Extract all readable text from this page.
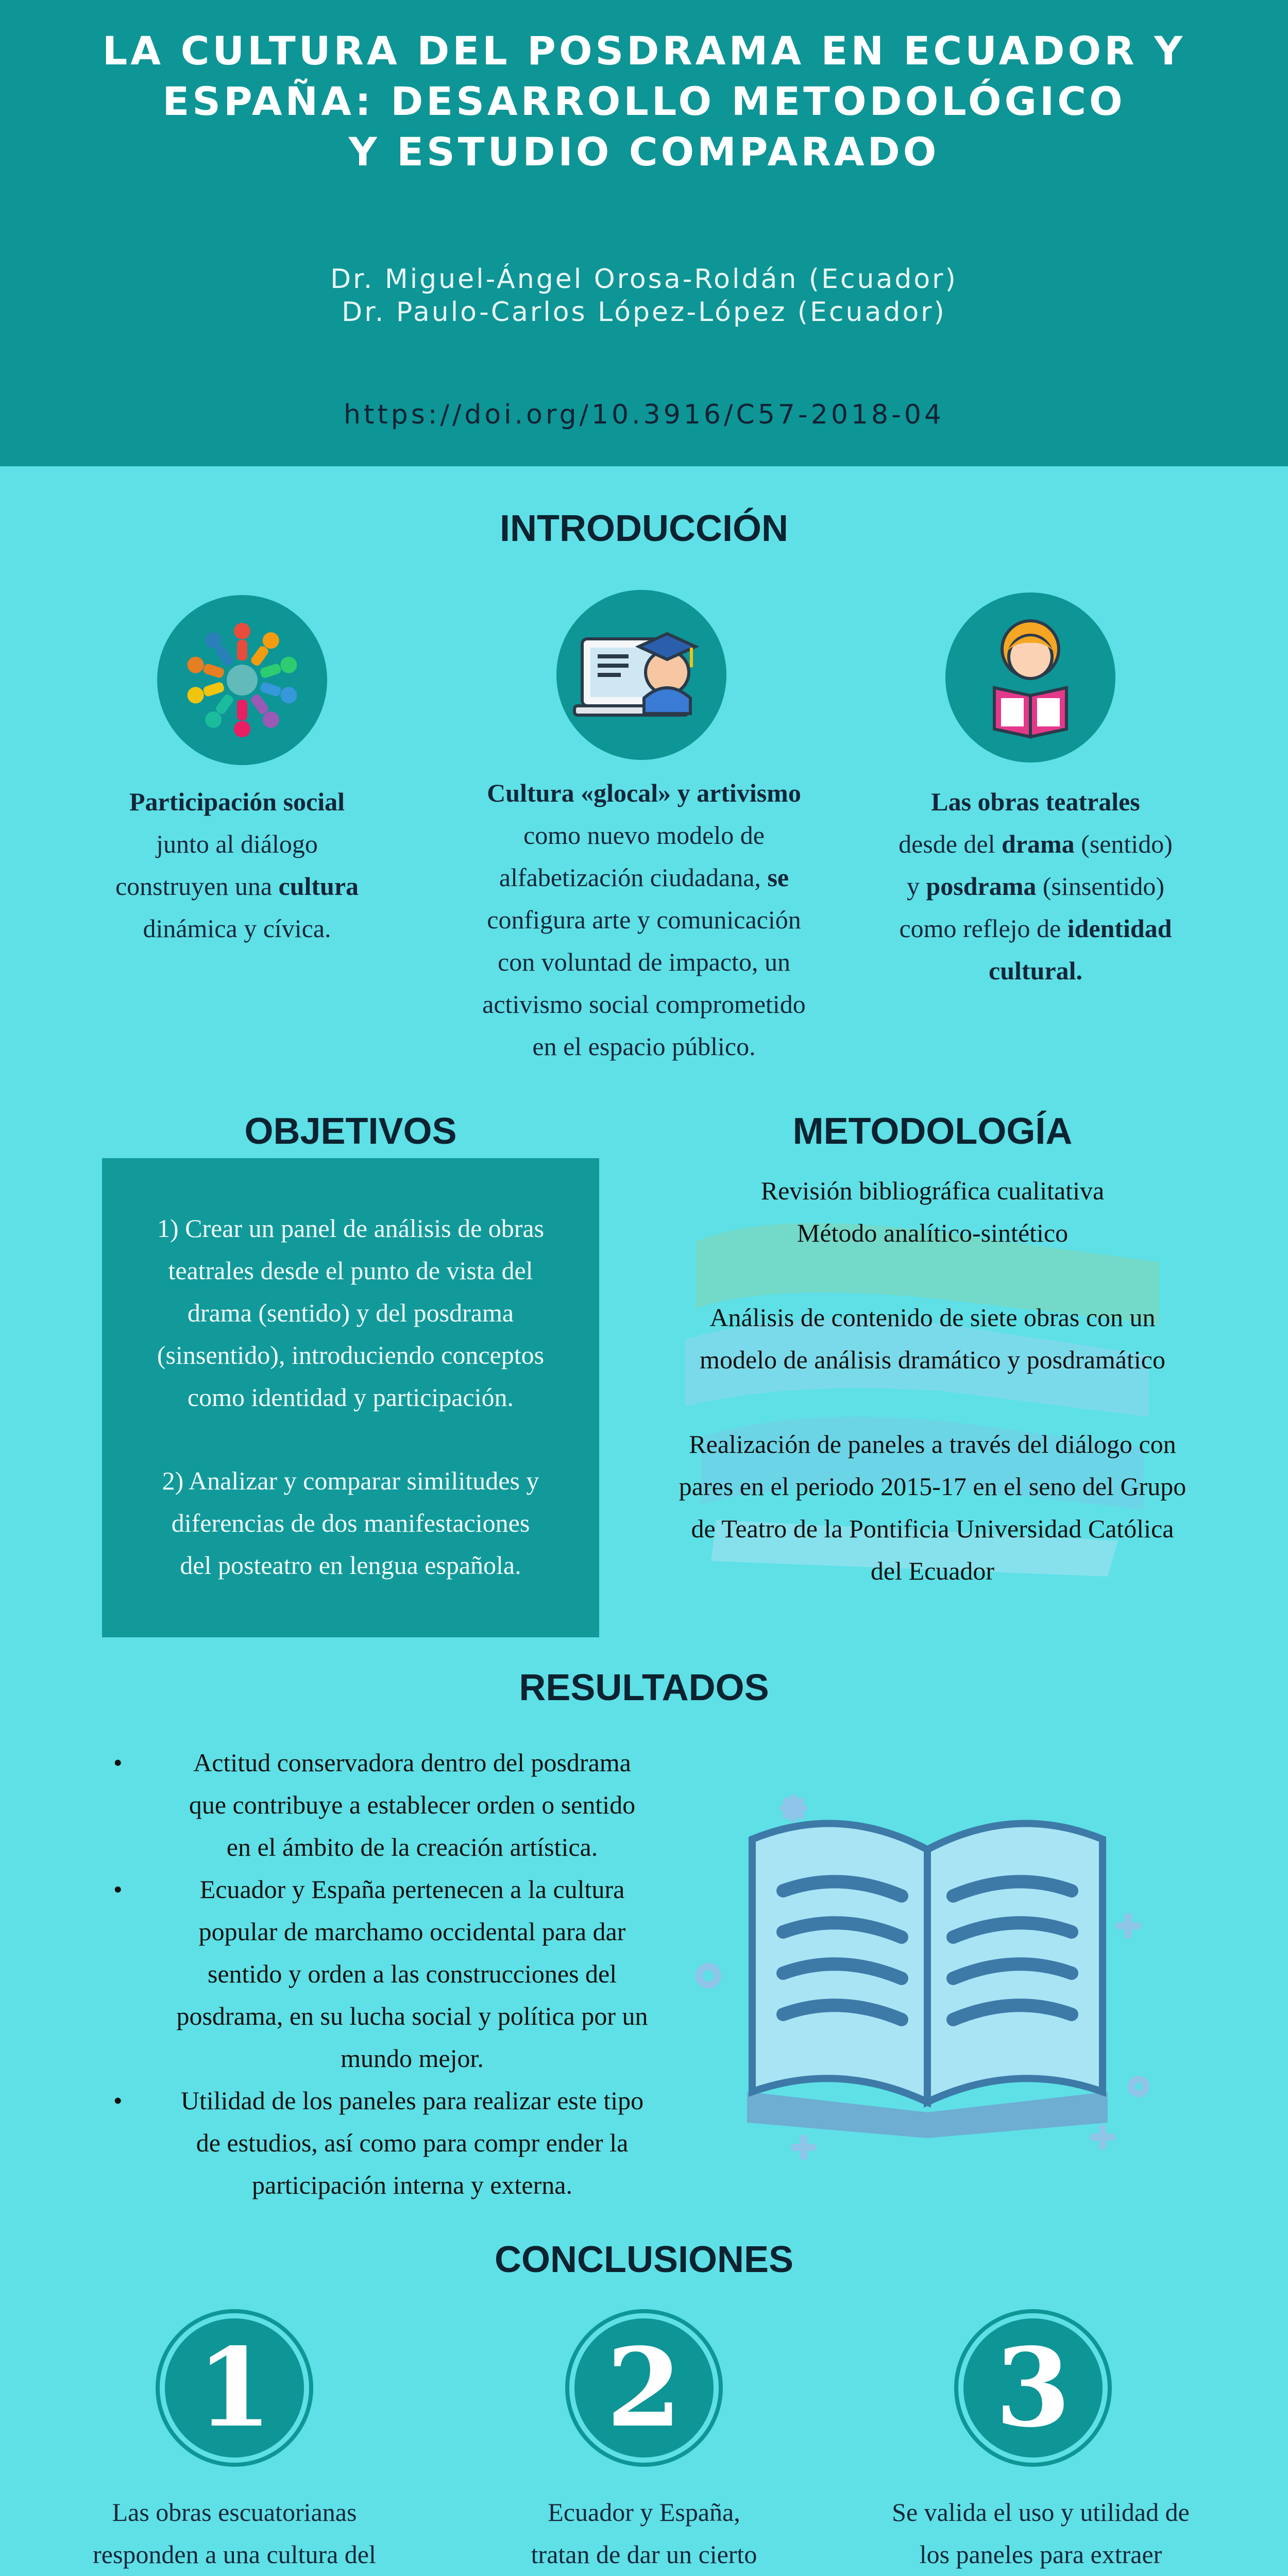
LA CULTURA DEL POSDRAMA EN ECUADOR Y
ESPAÑA: DESARROLLO METODOLÓGICO
Y ESTUDIO COMPARADO
Dr. Miguel-Ángel Orosa-Roldán (Ecuador)
Dr. Paulo-Carlos López-López (Ecuador)
https://doi.org/10.3916/C57-2018-04
INTRODUCCIÓN
Participación social
junto al diálogo
construyen una cultura
dinámica y cívica.
Cultura «glocal» y artivismo
como nuevo modelo de
alfabetización ciudadana, se
configura arte y comunicación
con voluntad de impacto, un
activismo social comprometido
en el espacio público.
Las obras teatrales
desde del drama (sentido)
y posdrama (sinsentido)
como reflejo de identidad
cultural.
OBJETIVOS

1) Crear un panel de análisis de obras
teatrales desde el punto de vista del
drama (sentido) y del posdrama
(sinsentido), introduciendo conceptos
como identidad y participación.

2) Analizar y comparar similitudes y
diferencias de dos manifestaciones
del posteatro en lengua española.

METODOLOGÍA
Revisión bibliográfica cualitativa
Método analítico-sintético
Análisis de contenido de siete obras con un
modelo de análisis dramático y posdramático
Realización de paneles a través del diálogo con
pares en el periodo 2015-17 en el seno del Grupo
de Teatro de la Pontificia Universidad Católica
del Ecuador
RESULTADOS
• Actitud conservadora dentro del posdrama
que contribuye a establecer orden o sentido
en el ámbito de la creación artística.
• Ecuador y España pertenecen a la cultura
popular de marchamo occidental para dar
sentido y orden a las construcciones del
posdrama, en su lucha social y política por un
mundo mejor.
• Utilidad de los paneles para realizar este tipo
de estudios, así como para compr ender la
participación interna y externa.
CONCLUSIONES
1	2	3
Las obras escuatorianas
responden a una cultura del
Ecuador y España,
tratan de dar un cierto
Se valida el uso y utilidad de
los paneles para extraer
